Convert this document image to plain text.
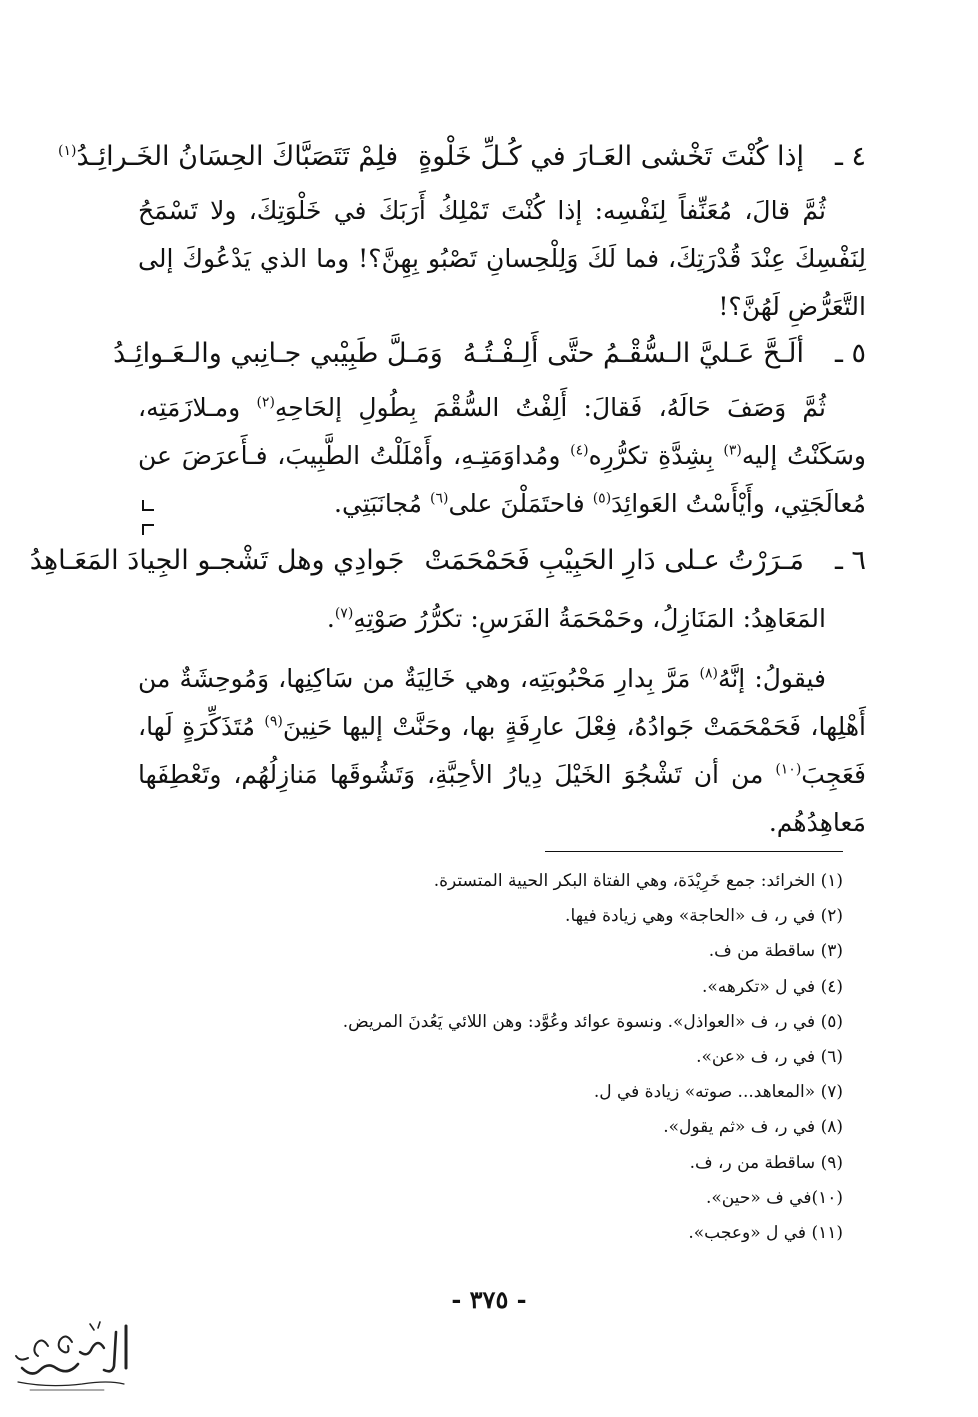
٤ ـ
إذا كُنْتَ تَخْشى العَـارَ في كُـلِّ خَلْوةٍ
فلِمْ تَتَصَبَّاكَ الحِسَانُ الخَـرائِـدُ$^{(١)}$

ثُمَّ قالَ، مُعَنِّفاً لِنَفْسِه: إذا كُنْتَ تَمْلِكُ أَرَبَكَ في خَلْوَتِكَ، ولا تَسْمَحُ لِنَفْسِكَ عِنْدَ قُدْرَتِكَ، فما لَكَ وَلِلْحِسانِ تَصْبُو بِهِنَّ؟! وما الذي يَدْعُوكَ إلى التَّعَرُّضِ لَهُنَّ؟!

٥ ـ
ألَـحَّ عَـليَّ الـسُّقْـمُ حتَّى أَلِـفْـتُـهُ
وَمَـلَّ طَبِيْبي جـانِبي والـعَـوائِـدُ

ثُمَّ وَصَفَ حَالَهُ، فَقالَ: أَلِفْتُ السُّقْمَ بِطُولِ إلحَاحِهِ$^{(٢)}$ ومـلازَمَتِه، وسَكَنْتُ إليه$^{(٣)}$ بِشِدَّةِ تكرُّرِه$^{(٤)}$ ومُداوَمَتِـهِ، وأَمْلَلْتُ الطَّبِيبَ، فـأَعرَضَ عن مُعالَجَتِي، وأَيْأَسْتُ العَوائِدَ$^{(٥)}$ فاحتَمَلْنَ على$^{(٦)}$ مُجانَبَتِي.

٦ ـ
مَـرَرْتُ عـلى دَارِ الحَبِيْبِ فَحَمْحَمَتْ
جَوادِي وهل تَشْجـو الجِيادَ المَعَـاهِدُ

المَعَاهِدُ: المَنَازِلُ، وحَمْحَمَةُ الفَرَسِ: تكرُّرُ صَوْتِهِ$^{(٧)}$.

فيقولُ: إنَّهُ$^{(٨)}$ مَرَّ بِدارِ مَحْبُوبَتِه، وهي خَالِيَةٌ من سَاكِنِها، وَمُوحِشَةٌ من أَهْلِها، فَحَمْحَمَتْ جَوادُهُ، فِعْلَ عارِفَةٍ بها، وحَنَّتْ إليها حَنِينَ$^{(٩)}$ مُتَذَكِّرَةٍ لَها، فَعَجِبَ$^{(١٠)}$ من أن تَشْجُوَ الخَيْلَ دِيارُ الأحِبَّةِ، وَتَشُوقَها مَنازِلُهُم، وتَعْطِفَها مَعاهِدُهُم.

(١) الخرائد: جمع خَرِيْدَة، وهي الفتاة البكر الحيية المتسترة.
(٢) في ر، ف «الحاجة» وهي زيادة فيها.
(٣) ساقطة من ف.
(٤) في ل «تكرهه».
(٥) في ر، ف «العواذل». ونسوة عوائد وعُوَّد: وهن اللائي يَعُدنَ المريض.
(٦) في ر، ف «عن».
(٧) «المعاهد... صوته» زيادة في ل.
(٨) في ر، ف «ثم يقول».
(٩) ساقطة من ر، ف.
(١٠)في ف «حين».
(١١) في ل «وعجب».
- ٣٧٥ -
